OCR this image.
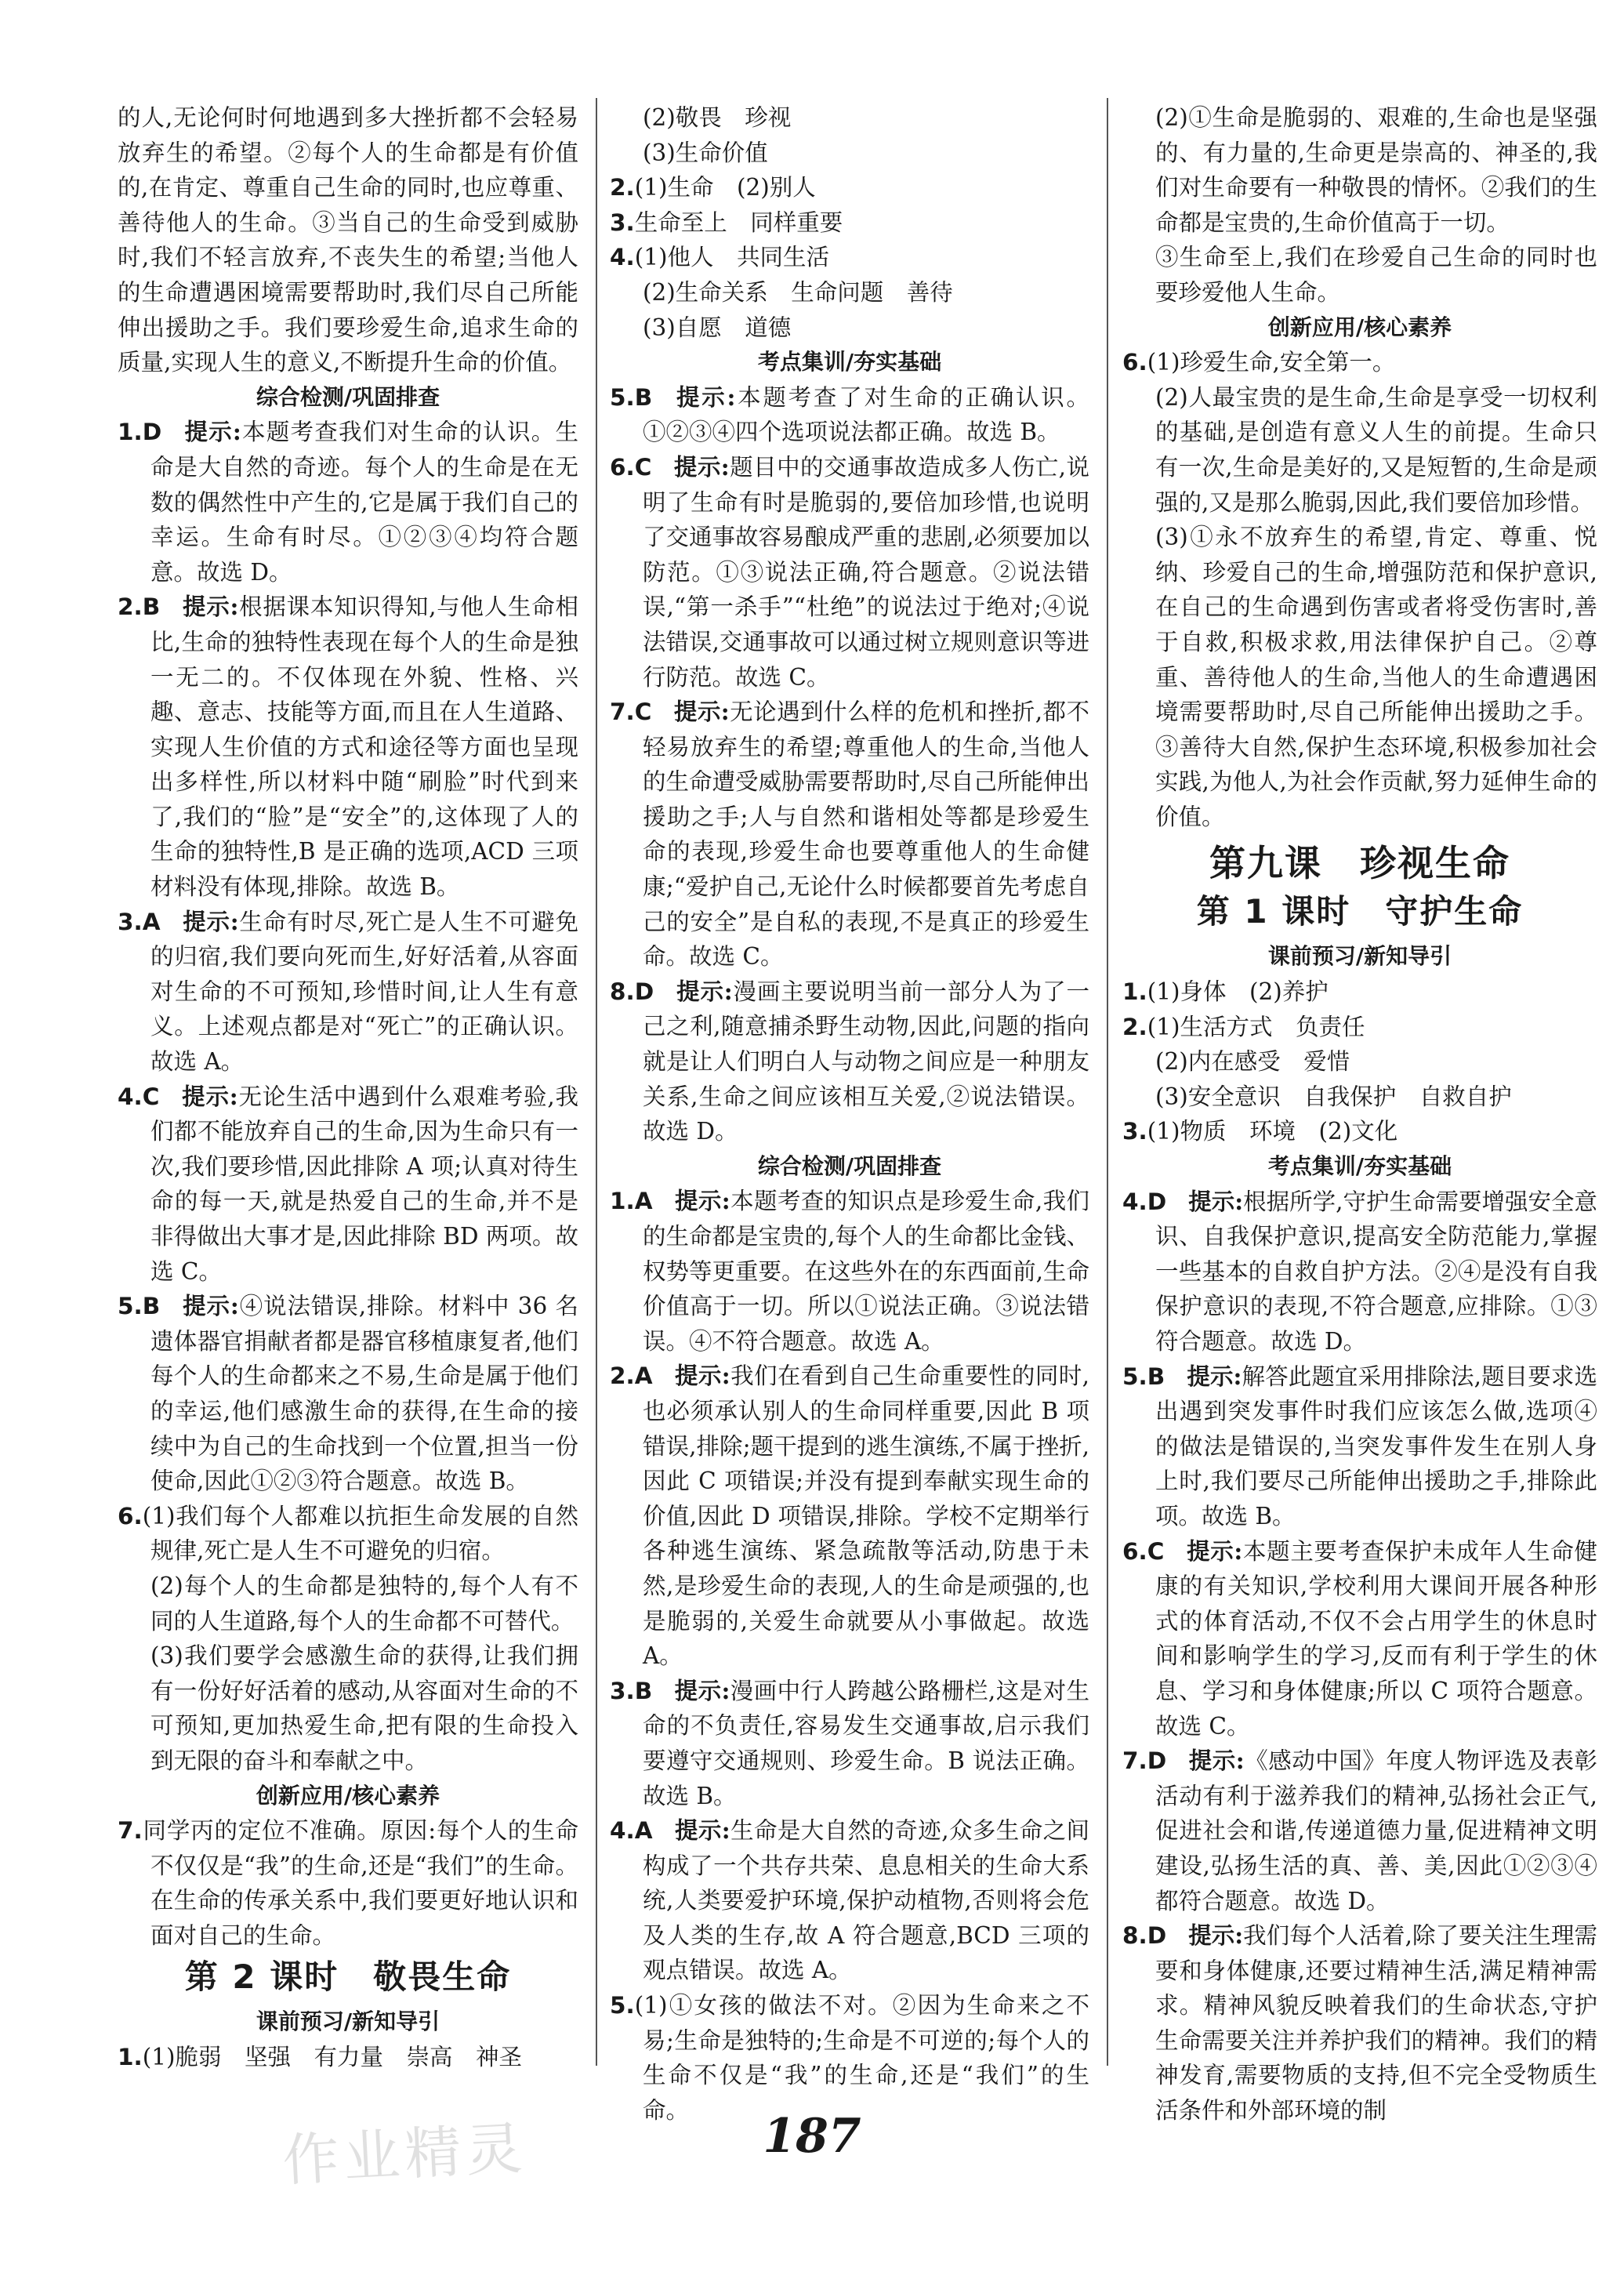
的人,无论何时何地遇到多大挫折都不会轻易放弃生的希望。②每个人的生命都是有价值的,在肯定、尊重自己生命的同时,也应尊重、善待他人的生命。③当自己的生命受到威胁时,我们不轻言放弃,不丧失生的希望;当他人的生命遭遇困境需要帮助时,我们尽自己所能伸出援助之手。我们要珍爱生命,追求生命的质量,实现人生的意义,不断提升生命的价值。

综合检测/巩固排查

1.D 提示:本题考查我们对生命的认识。生命是大自然的奇迹。每个人的生命是在无数的偶然性中产生的,它是属于我们自己的幸运。生命有时尽。①②③④均符合题意。故选 D。

2.B 提示:根据课本知识得知,与他人生命相比,生命的独特性表现在每个人的生命是独一无二的。不仅体现在外貌、性格、兴趣、意志、技能等方面,而且在人生道路、实现人生价值的方式和途径等方面也呈现出多样性,所以材料中随“刷脸”时代到来了,我们的“脸”是“安全”的,这体现了人的生命的独特性,B 是正确的选项,ACD 三项材料没有体现,排除。故选 B。

3.A 提示:生命有时尽,死亡是人生不可避免的归宿,我们要向死而生,好好活着,从容面对生命的不可预知,珍惜时间,让人生有意义。上述观点都是对“死亡”的正确认识。故选 A。

4.C 提示:无论生活中遇到什么艰难考验,我们都不能放弃自己的生命,因为生命只有一次,我们要珍惜,因此排除 A 项;认真对待生命的每一天,就是热爱自己的生命,并不是非得做出大事才是,因此排除 BD 两项。故选 C。

5.B 提示:④说法错误,排除。材料中 36 名遗体器官捐献者都是器官移植康复者,他们每个人的生命都来之不易,生命是属于他们的幸运,他们感激生命的获得,在生命的接续中为自己的生命找到一个位置,担当一份使命,因此①②③符合题意。故选 B。

6.(1)我们每个人都难以抗拒生命发展的自然规律,死亡是人生不可避免的归宿。

(2)每个人的生命都是独特的,每个人有不同的人生道路,每个人的生命都不可替代。

(3)我们要学会感激生命的获得,让我们拥有一份好好活着的感动,从容面对生命的不可预知,更加热爱生命,把有限的生命投入到无限的奋斗和奉献之中。

创新应用/核心素养

7.同学丙的定位不准确。原因:每个人的生命不仅仅是“我”的生命,还是“我们”的生命。在生命的传承关系中,我们要更好地认识和面对自己的生命。

第 2 课时　敬畏生命

课前预习/新知导引

1.(1)脆弱　坚强　有力量　崇高　神圣

(2)敬畏　珍视

(3)生命价值

2.(1)生命　(2)别人

3.生命至上　同样重要

4.(1)他人　共同生活

(2)生命关系　生命问题　善待

(3)自愿　道德

考点集训/夯实基础

5.B 提示:本题考查了对生命的正确认识。①②③④四个选项说法都正确。故选 B。

6.C 提示:题目中的交通事故造成多人伤亡,说明了生命有时是脆弱的,要倍加珍惜,也说明了交通事故容易酿成严重的悲剧,必须要加以防范。①③说法正确,符合题意。②说法错误,“第一杀手”“杜绝”的说法过于绝对;④说法错误,交通事故可以通过树立规则意识等进行防范。故选 C。

7.C 提示:无论遇到什么样的危机和挫折,都不轻易放弃生的希望;尊重他人的生命,当他人的生命遭受威胁需要帮助时,尽自己所能伸出援助之手;人与自然和谐相处等都是珍爱生命的表现,珍爱生命也要尊重他人的生命健康;“爱护自己,无论什么时候都要首先考虑自己的安全”是自私的表现,不是真正的珍爱生命。故选 C。

8.D 提示:漫画主要说明当前一部分人为了一己之利,随意捕杀野生动物,因此,问题的指向就是让人们明白人与动物之间应是一种朋友关系,生命之间应该相互关爱,②说法错误。故选 D。

综合检测/巩固排查

1.A 提示:本题考查的知识点是珍爱生命,我们的生命都是宝贵的,每个人的生命都比金钱、权势等更重要。在这些外在的东西面前,生命价值高于一切。所以①说法正确。③说法错误。④不符合题意。故选 A。

2.A 提示:我们在看到自己生命重要性的同时,也必须承认别人的生命同样重要,因此 B 项错误,排除;题干提到的逃生演练,不属于挫折,因此 C 项错误;并没有提到奉献实现生命的价值,因此 D 项错误,排除。学校不定期举行各种逃生演练、紧急疏散等活动,防患于未然,是珍爱生命的表现,人的生命是顽强的,也是脆弱的,关爱生命就要从小事做起。故选 A。

3.B 提示:漫画中行人跨越公路栅栏,这是对生命的不负责任,容易发生交通事故,启示我们要遵守交通规则、珍爱生命。B 说法正确。故选 B。

4.A 提示:生命是大自然的奇迹,众多生命之间构成了一个共存共荣、息息相关的生命大系统,人类要爱护环境,保护动植物,否则将会危及人类的生存,故 A 符合题意,BCD 三项的观点错误。故选 A。

5.(1)①女孩的做法不对。②因为生命来之不易;生命是独特的;生命是不可逆的;每个人的生命不仅是“我”的生命,还是“我们”的生命。

(2)①生命是脆弱的、艰难的,生命也是坚强的、有力量的,生命更是崇高的、神圣的,我们对生命要有一种敬畏的情怀。②我们的生命都是宝贵的,生命价值高于一切。

③生命至上,我们在珍爱自己生命的同时也要珍爱他人生命。

创新应用/核心素养

6.(1)珍爱生命,安全第一。

(2)人最宝贵的是生命,生命是享受一切权利的基础,是创造有意义人生的前提。生命只有一次,生命是美好的,又是短暂的,生命是顽强的,又是那么脆弱,因此,我们要倍加珍惜。

(3)①永不放弃生的希望,肯定、尊重、悦纳、珍爱自己的生命,增强防范和保护意识,在自己的生命遇到伤害或者将受伤害时,善于自救,积极求救,用法律保护自己。②尊重、善待他人的生命,当他人的生命遭遇困境需要帮助时,尽自己所能伸出援助之手。③善待大自然,保护生态环境,积极参加社会实践,为他人,为社会作贡献,努力延伸生命的价值。

第九课　珍视生命

第 1 课时　守护生命

课前预习/新知导引

1.(1)身体　(2)养护

2.(1)生活方式　负责任

(2)内在感受　爱惜

(3)安全意识　自我保护　自救自护

3.(1)物质　环境　(2)文化

考点集训/夯实基础

4.D 提示:根据所学,守护生命需要增强安全意识、自我保护意识,提高安全防范能力,掌握一些基本的自救自护方法。②④是没有自我保护意识的表现,不符合题意,应排除。①③符合题意。故选 D。

5.B 提示:解答此题宜采用排除法,题目要求选出遇到突发事件时我们应该怎么做,选项④的做法是错误的,当突发事件发生在别人身上时,我们要尽己所能伸出援助之手,排除此项。故选 B。

6.C 提示:本题主要考查保护未成年人生命健康的有关知识,学校利用大课间开展各种形式的体育活动,不仅不会占用学生的休息时间和影响学生的学习,反而有利于学生的休息、学习和身体健康;所以 C 项符合题意。故选 C。

7.D 提示:《感动中国》年度人物评选及表彰活动有利于滋养我们的精神,弘扬社会正气,促进社会和谐,传递道德力量,促进精神文明建设,弘扬生活的真、善、美,因此①②③④都符合题意。故选 D。

8.D 提示:我们每个人活着,除了要关注生理需要和身体健康,还要过精神生活,满足精神需求。精神风貌反映着我们的生命状态,守护生命需要关注并养护我们的精神。我们的精神发育,需要物质的支持,但不完全受物质生活条件和外部环境的制

187
作业精灵
